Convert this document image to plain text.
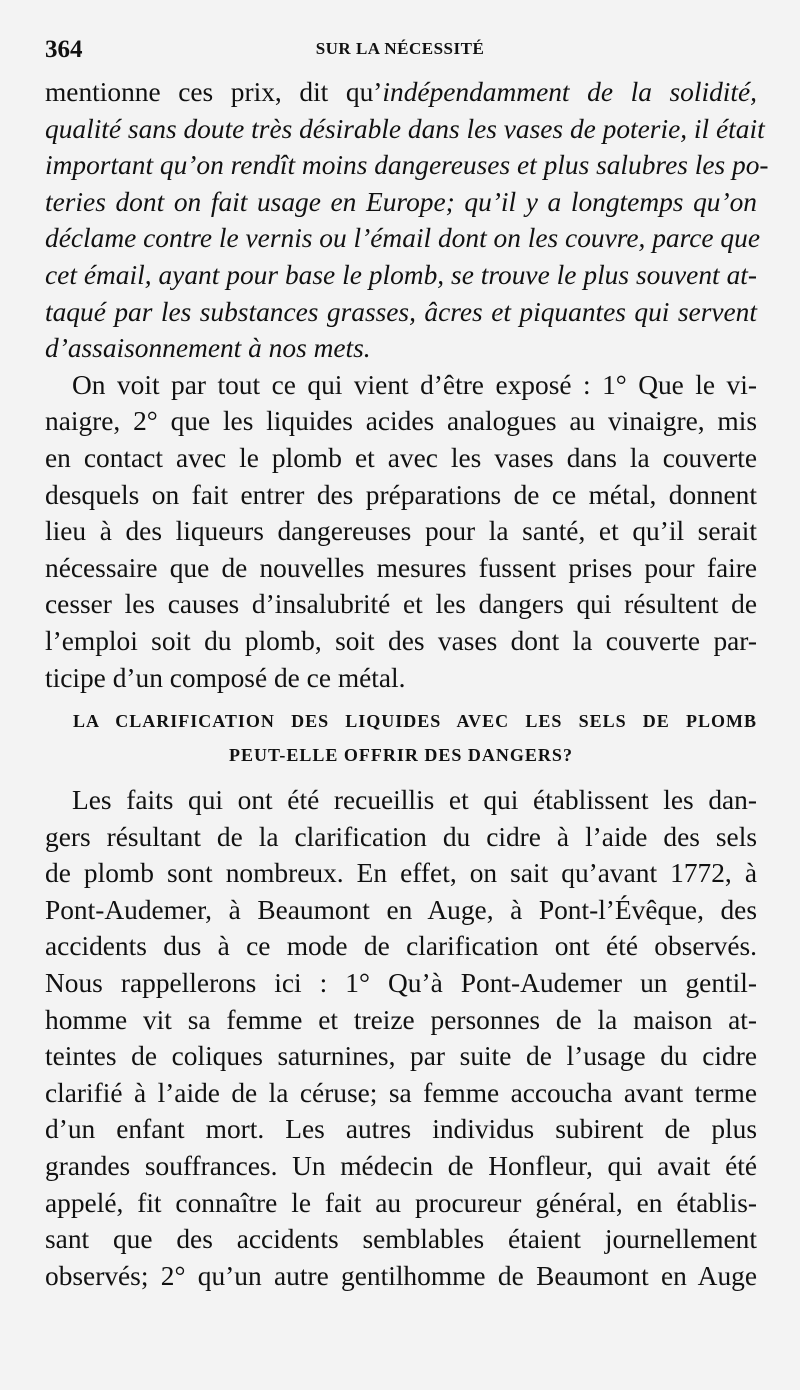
364	SUR LA NÉCESSITÉ
mentionne ces prix, dit qu’indépendamment de la solidité,
qualité sans doute très désirable dans les vases de poterie, il était
important qu’on rendît moins dangereuses et plus salubres les po-
teries dont on fait usage en Europe; qu’il y a longtemps qu’on
déclame contre le vernis ou l’émail dont on les couvre, parce que
cet émail, ayant pour base le plomb, se trouve le plus souvent at-
taqué par les substances grasses, âcres et piquantes qui servent
d’assaisonnement à nos mets.
On voit par tout ce qui vient d’être exposé : 1° Que le vi-
naigre, 2° que les liquides acides analogues au vinaigre, mis
en contact avec le plomb et avec les vases dans la couverte
desquels on fait entrer des préparations de ce métal, donnent
lieu à des liqueurs dangereuses pour la santé, et qu’il serait
nécessaire que de nouvelles mesures fussent prises pour faire
cesser les causes d’insalubrité et les dangers qui résultent de
l’emploi soit du plomb, soit des vases dont la couverte par-
ticipe d’un composé de ce métal.
LA CLARIFICATION DES LIQUIDES AVEC LES SELS DE PLOMB
PEUT-ELLE OFFRIR DES DANGERS?
Les faits qui ont été recueillis et qui établissent les dan-
gers résultant de la clarification du cidre à l’aide des sels
de plomb sont nombreux. En effet, on sait qu’avant 1772, à
Pont-Audemer, à Beaumont en Auge, à Pont-l’Évêque, des
accidents dus à ce mode de clarification ont été observés.
Nous rappellerons ici : 1° Qu’à Pont-Audemer un gentil-
homme vit sa femme et treize personnes de la maison at-
teintes de coliques saturnines, par suite de l’usage du cidre
clarifié à l’aide de la céruse; sa femme accoucha avant terme
d’un enfant mort. Les autres individus subirent de plus
grandes souffrances. Un médecin de Honfleur, qui avait été
appelé, fit connaître le fait au procureur général, en établis-
sant que des accidents semblables étaient journellement
observés; 2° qu’un autre gentilhomme de Beaumont en Auge
